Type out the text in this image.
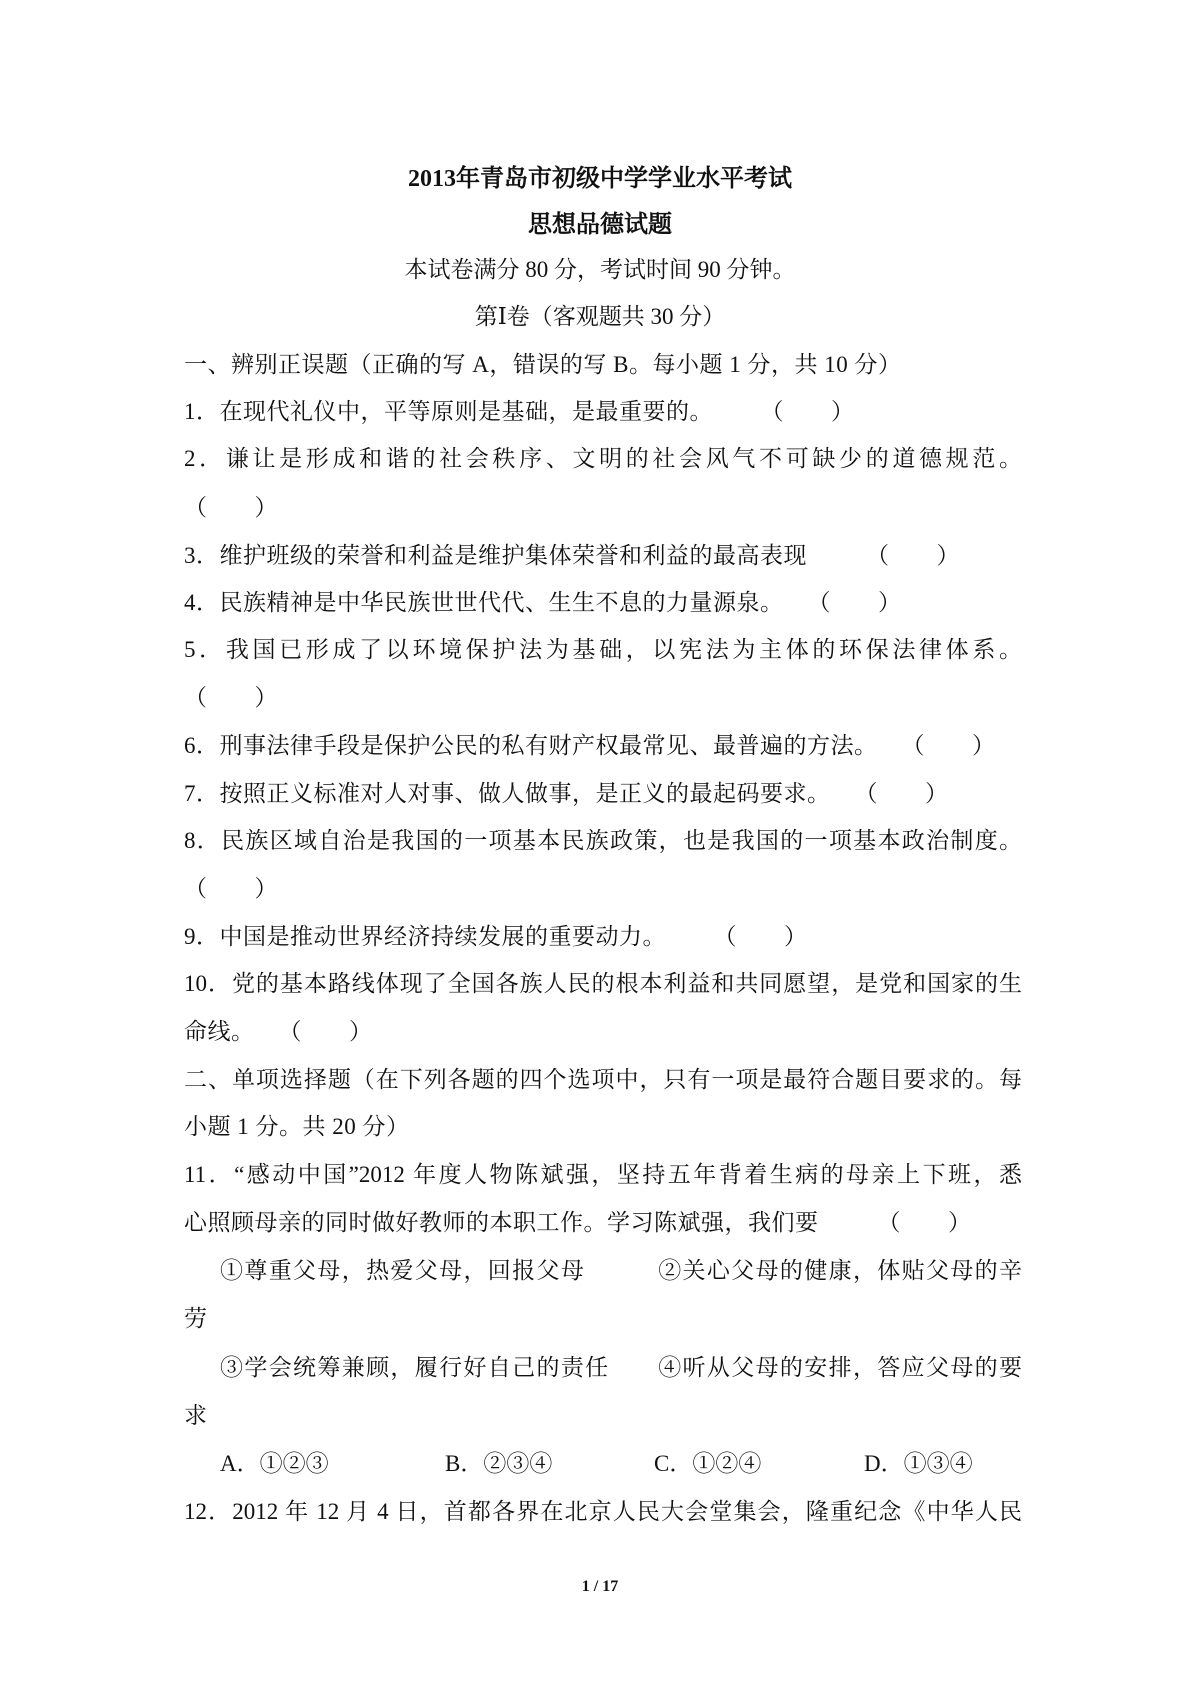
2013年青岛市初级中学学业水平考试
思想品德试题
本试卷满分 80 分，考试时间 90 分钟。
第Ⅰ卷（客观题共 30 分）
一、辨别正误题（正确的写 A，错误的写 B。每小题 1 分，共 10 分）
1．在现代礼仪中，平等原则是基础，是最重要的。　　　（　　）
2．谦让是形成和谐的社会秩序、文明的社会风气不可缺少的道德规范。
（　　）
3．维护班级的荣誉和利益是维护集体荣誉和利益的最高表现　　　（　　）
4．民族精神是中华民族世世代代、生生不息的力量源泉。　　（　　）
5．我国已形成了以环境保护法为基础，以宪法为主体的环保法律体系。
（　　）
6．刑事法律手段是保护公民的私有财产权最常见、最普遍的方法。　　（　　）
7．按照正义标准对人对事、做人做事，是正义的最起码要求。　　（　　）
8．民族区域自治是我国的一项基本民族政策，也是我国的一项基本政治制度。
（　　）
9．中国是推动世界经济持续发展的重要动力。　　　（　　）
10．党的基本路线体现了全国各族人民的根本利益和共同愿望，是党和国家的生
命线。　　（　　）
二、单项选择题（在下列各题的四个选项中，只有一项是最符合题目要求的。每
小题 1 分。共 20 分）
11．“感动中国”2012 年度人物陈斌强，坚持五年背着生病的母亲上下班，悉
心照顾母亲的同时做好教师的本职工作。学习陈斌强，我们要　　　（　　）
①尊重父母，热爱父母，回报父母　　　②关心父母的健康，体贴父母的辛
劳
③学会统筹兼顾，履行好自己的责任　　④听从父母的安排，答应父母的要
求
A．①②③	B．②③④	C．①②④	D．①③④
12．2012 年 12 月 4 日，首都各界在北京人民大会堂集会，隆重纪念《中华人民
1 / 17
